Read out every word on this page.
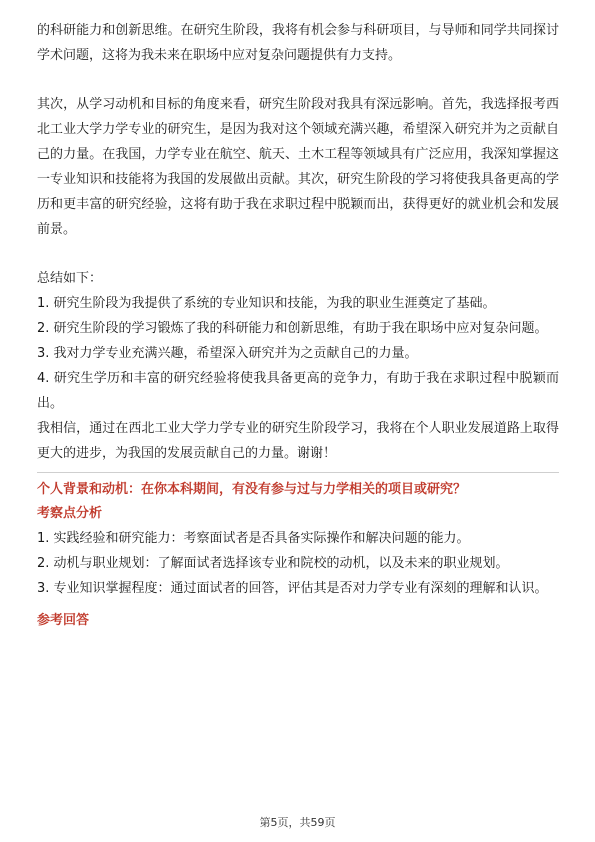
的科研能力和创新思维。在研究生阶段，我将有机会参与科研项目，与导师和同学共同探讨学术问题，这将为我未来在职场中应对复杂问题提供有力支持。

其次，从学习动机和目标的角度来看，研究生阶段对我具有深远影响。首先，我选择报考西北工业大学力学专业的研究生，是因为我对这个领域充满兴趣，希望深入研究并为之贡献自己的力量。在我国，力学专业在航空、航天、土木工程等领域具有广泛应用，我深知掌握这一专业知识和技能将为我国的发展做出贡献。其次，研究生阶段的学习将使我具备更高的学历和更丰富的研究经验，这将有助于我在求职过程中脱颖而出，获得更好的就业机会和发展前景。

总结如下：

1. 研究生阶段为我提供了系统的专业知识和技能，为我的职业生涯奠定了基础。

2. 研究生阶段的学习锻炼了我的科研能力和创新思维，有助于我在职场中应对复杂问题。

3. 我对力学专业充满兴趣，希望深入研究并为之贡献自己的力量。

4. 研究生学历和丰富的研究经验将使我具备更高的竞争力，有助于我在求职过程中脱颖而出。

我相信，通过在西北工业大学力学专业的研究生阶段学习，我将在个人职业发展道路上取得更大的进步，为我国的发展贡献自己的力量。谢谢！

个人背景和动机：在你本科期间，有没有参与过与力学相关的项目或研究？

考察点分析

1. 实践经验和研究能力：考察面试者是否具备实际操作和解决问题的能力。

2. 动机与职业规划：了解面试者选择该专业和院校的动机，以及未来的职业规划。

3. 专业知识掌握程度：通过面试者的回答，评估其是否对力学专业有深刻的理解和认识。

参考回答

第5页，共59页
